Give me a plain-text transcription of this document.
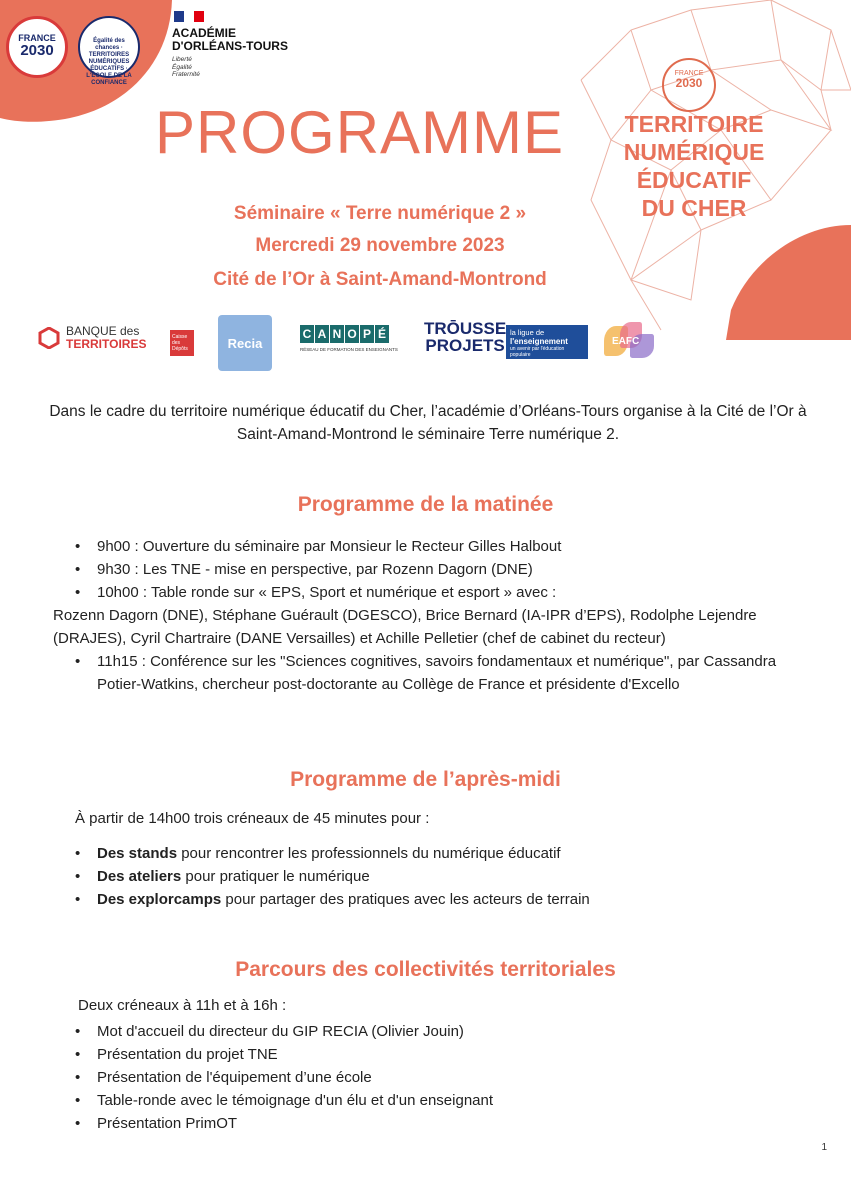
FRANCE
2030
Égalité des chances · TERRITOIRES NUMÉRIQUES ÉDUCATIFS · L'ÉCOLE DE LA CONFIANCE
ACADÉMIE
D'ORLÉANS-TOURS
Liberté
Égalité
Fraternité	FRANCE
2030
PROGRAMME	TERRITOIRE
NUMÉRIQUE
ÉDUCATIF
DU CHER
Séminaire « Terre numérique 2 »
Mercredi 29 novembre 2023
Cité de l’Or à Saint-Amand-Montrond
BANQUE des
TERRITOIRES	Caisse des Dépôts	Recia
C A N O P É
RÉSEAU DE FORMATION DES ENSEIGNANTS
TRŌUSSE
PROJETS
la ligue de
l'enseignement
un avenir par l'éducation populaire
EAFC
Dans le cadre du territoire numérique éducatif du Cher, l’académie d’Orléans-Tours organise à la Cité de l’Or à Saint-Amand-Montrond le séminaire Terre numérique 2.
Programme de la matinée
• 9h00 : Ouverture du séminaire par Monsieur le Recteur Gilles Halbout
• 9h30 : Les TNE - mise en perspective, par Rozenn Dagorn (DNE)
• 10h00 : Table ronde sur « EPS, Sport et numérique et esport » avec :
Rozenn Dagorn (DNE), Stéphane Guérault (DGESCO), Brice Bernard (IA-IPR d’EPS), Rodolphe Lejendre (DRAJES), Cyril Chartraire (DANE Versailles) et Achille Pelletier (chef de cabinet du recteur)
• 11h15 : Conférence sur les "Sciences cognitives, savoirs fondamentaux et numérique", par Cassandra Potier-Watkins, chercheur post-doctorante au Collège de France et présidente d'Excello
Programme de l’après-midi
À partir de 14h00 trois créneaux de 45 minutes pour :
• Des stands pour rencontrer les professionnels du numérique éducatif
• Des ateliers pour pratiquer le numérique
• Des explorcamps pour partager des pratiques avec les acteurs de terrain
Parcours des collectivités territoriales
Deux créneaux à 11h et à 16h :
• Mot d'accueil du directeur du GIP RECIA (Olivier Jouin)
• Présentation du projet TNE
• Présentation de l'équipement d’une école
• Table-ronde avec le témoignage d'un élu et d'un enseignant
• Présentation PrimOT
1
